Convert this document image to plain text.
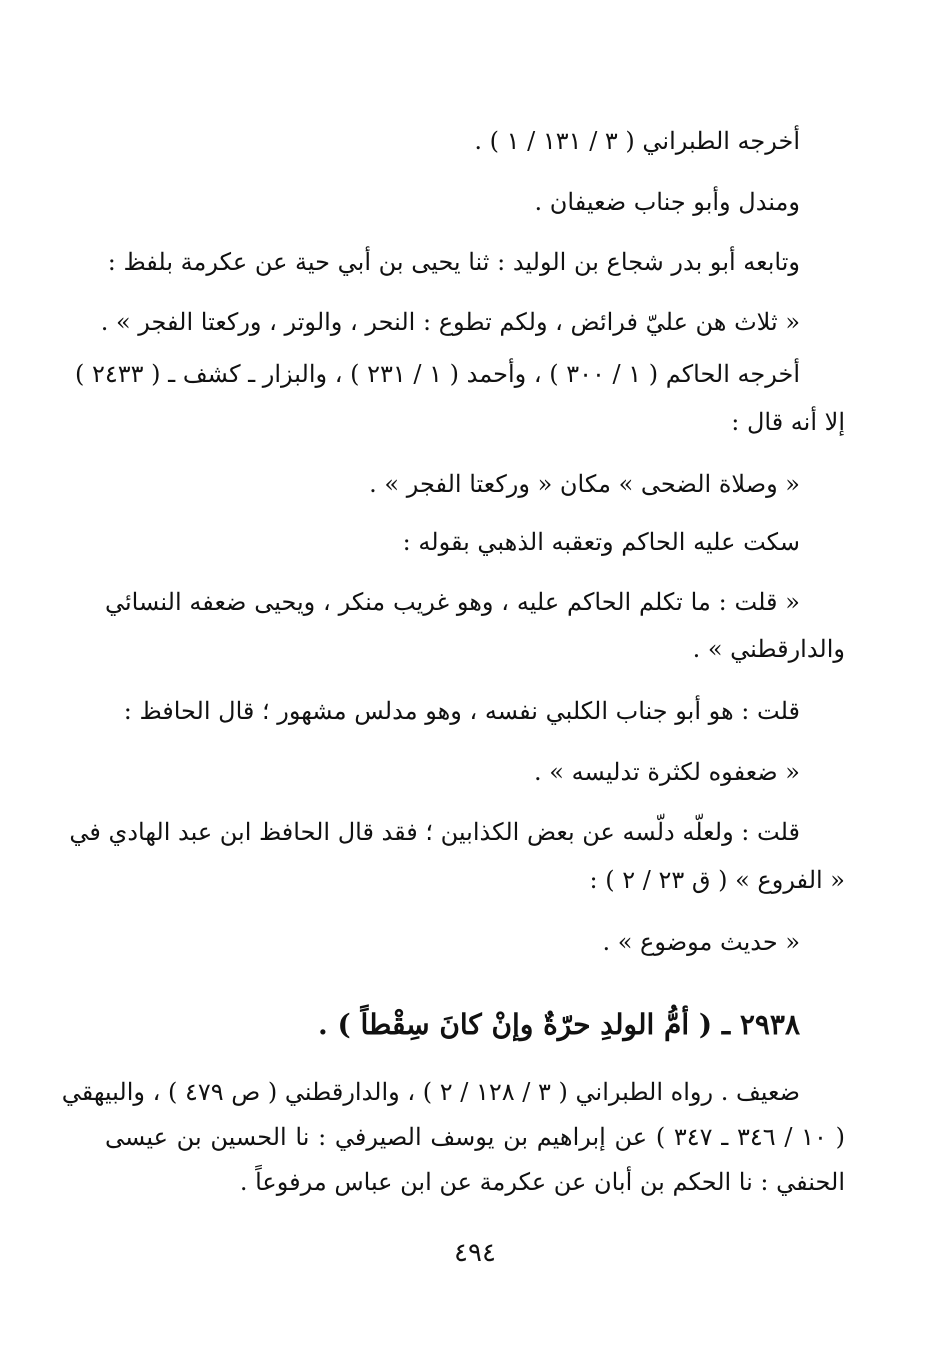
أخرجه الطبراني ( ٣ / ١٣١ / ١ ) .
ومندل وأبو جناب ضعيفان .
وتابعه أبو بدر شجاع بن الوليد : ثنا يحيى بن أبي حية عن عكرمة بلفظ :
« ثلاث هن عليّ فرائض ، ولكم تطوع : النحر ، والوتر ، وركعتا الفجر » .
أخرجه الحاكم ( ١ / ٣٠٠ ) ، وأحمد ( ١ / ٢٣١ ) ، والبزار ـ كشف ـ ( ٢٤٣٣ )
إلا أنه قال :
« وصلاة الضحى » مكان « وركعتا الفجر » .
سكت عليه الحاكم وتعقبه الذهبي بقوله :
« قلت : ما تكلم الحاكم عليه ، وهو غريب منكر ، ويحيى ضعفه النسائي
والدارقطني » .
قلت : هو أبو جناب الكلبي نفسه ، وهو مدلس مشهور ؛ قال الحافظ :
« ضعفوه لكثرة تدليسه » .
قلت : ولعلّه دلّسه عن بعض الكذابين ؛ فقد قال الحافظ ابن عبد الهادي في
« الفروع » ( ق ٢٣ / ٢ ) :
« حديث موضوع » .
٢٩٣٨ ـ ( أمُّ الولدِ حرّةٌ وإنْ كانَ سِقْطاً ) .
ضعيف . رواه الطبراني ( ٣ / ١٢٨ / ٢ ) ، والدارقطني ( ص ٤٧٩ ) ، والبيهقي
( ١٠ / ٣٤٦ ـ ٣٤٧ ) عن إبراهيم بن يوسف الصيرفي : نا الحسين بن عيسى
الحنفي : نا الحكم بن أبان عن عكرمة عن ابن عباس مرفوعاً .
٤٩٤
